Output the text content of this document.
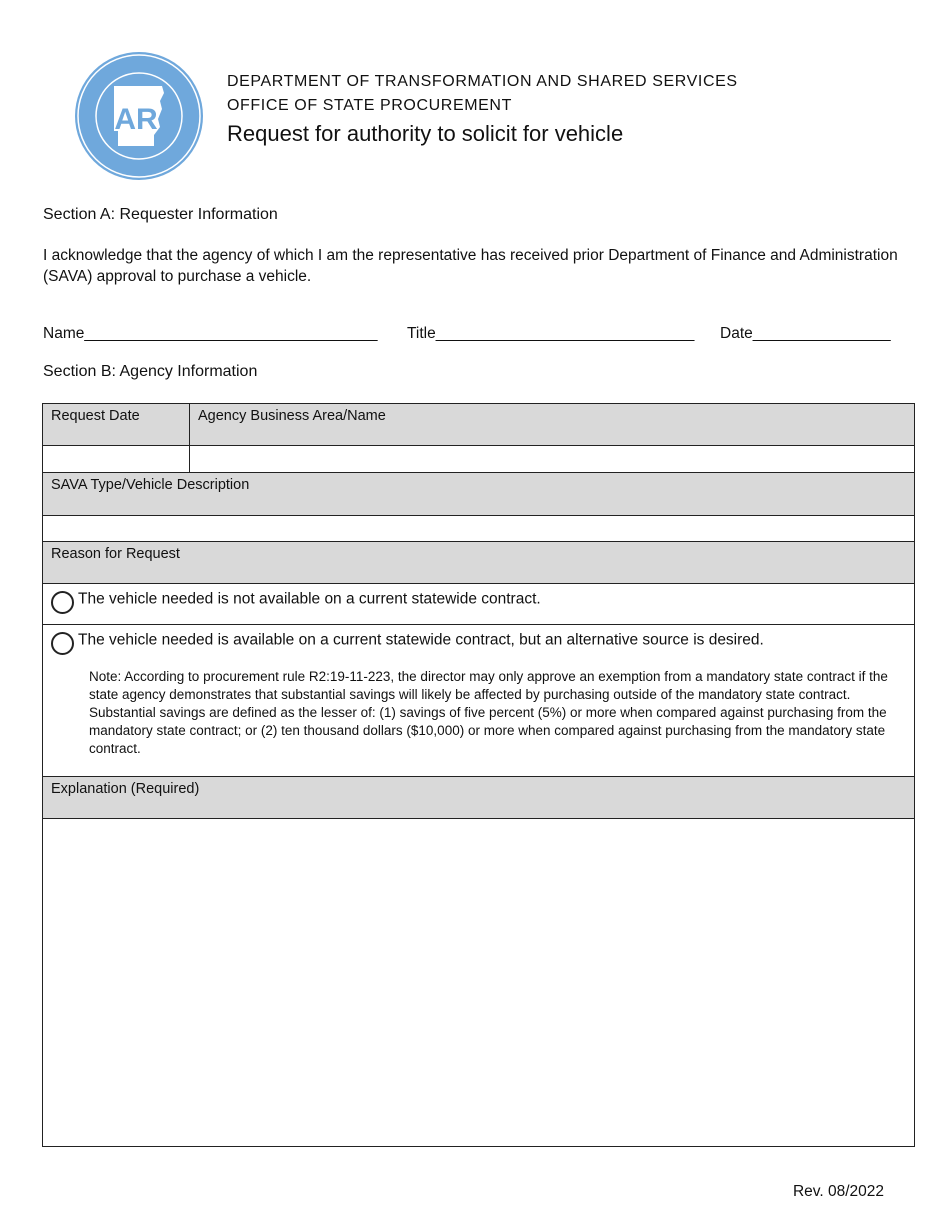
AR
DEPARTMENT OF TRANSFORMATION AND SHARED SERVICES
OFFICE OF STATE PROCUREMENT
Request for authority to solicit for vehicle
Section A: Requester Information
I acknowledge that the agency of which I am the representative has received prior Department of Finance and Administration (SAVA) approval to purchase a vehicle.
Name__________________________________ Title______________________________ Date________________
Section B: Agency Information
Request Date	Agency Business Area/Name

SAVA Type/Vehicle Description	

Reason for Request	
The vehicle needed is not available on a current statewide contract.	
The vehicle needed is available on a current statewide contract, but an alternative source is desired.
Note: According to procurement rule R2:19-11-223, the director may only approve an exemption from a mandatory state contract if the state agency demonstrates that substantial savings will likely be affected by purchasing outside of the mandatory state contract. Substantial savings are defined as the lesser of: (1) savings of five percent (5%) or more when compared against purchasing from the mandatory state contract; or (2) ten thousand dollars ($10,000) or more when compared against purchasing from the mandatory state contract.	

Explanation (Required)	

Rev. 08/2022
